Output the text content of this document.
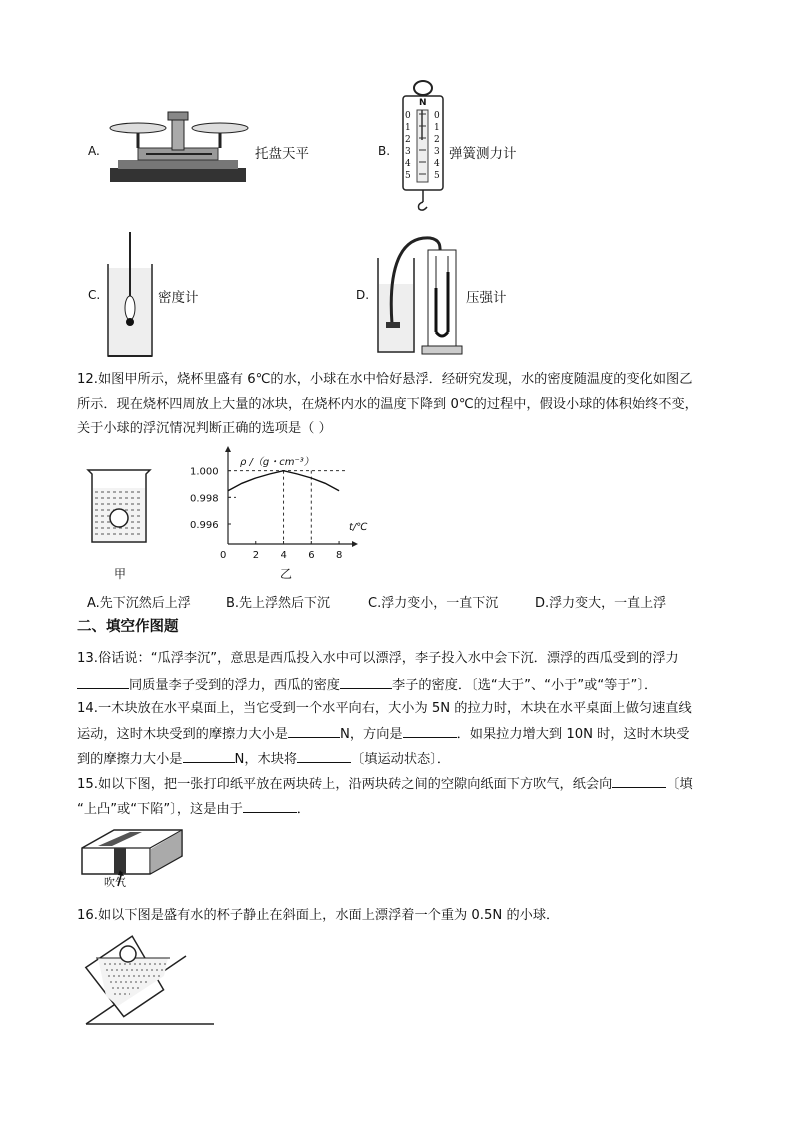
A.	托盘天平	B.
N
0
1
2
3
4
5
0
1
2
3
4
5
弹簧测力计
C.	密度计	D.	压强计
12.如图甲所示，烧杯里盛有 6℃的水，小球在水中恰好悬浮．经研究发现，水的密度随温度的变化如图乙
所示．现在烧杯四周放上大量的冰块，在烧杯内水的温度下降到 0℃的过程中，假设小球的体积始终不变，
关于小球的浮沉情况判断正确的选项是（ ）
甲
0	2 4 6 8
1.000
0.998
0.996
ρ /（g・cm⁻³）
t/℃
乙
A.先下沉然后上浮	B.先上浮然后下沉	C.浮力变小，一直下沉	D.浮力变大，一直上浮
二、填空作图题
13.俗话说：“瓜浮李沉”，意思是西瓜投入水中可以漂浮，李子投入水中会下沉．漂浮的西瓜受到的浮力
同质量李子受到的浮力，西瓜的密度	李子的密度．〔选“大于”、“小于”或“等于”〕．
14.一木块放在水平桌面上，当它受到一个水平向右，大小为 5N 的拉力时，木块在水平桌面上做匀速直线
运动，这时木块受到的摩擦力大小是	N，方向是	．如果拉力增大到 10N 时，这时木块受
到的摩擦力大小是	N，木块将	〔填运动状态〕．
15.如以下图，把一张打印纸平放在两块砖上，沿两块砖之间的空隙向纸面下方吹气，纸会向	〔填
“上凸”或“下陷”〕，这是由于	．
吹气
16.如以下图是盛有水的杯子静止在斜面上，水面上漂浮着一个重为 0.5N 的小球．
